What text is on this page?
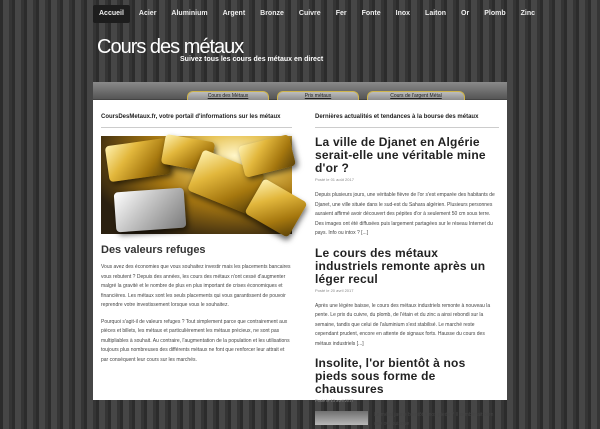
Accueil	Acier	Aluminium	Argent	Bronze	Cuivre	Fer	Fonte	Inox	Laiton	Or	Plomb	Zinc
Cours des métaux
Suivez tous les cours des métaux en direct
Cours des Métaux	Prix métaux	Cours de l'argent Métal
CoursDesMetaux.fr, votre portail d'informations sur les métaux
Des valeurs refuges

Vous avez des économies que vous souhaitez investir mais les placements bancaires vous rebutent ? Depuis des années, les cours des métaux n'ont cessé d'augmenter malgré la gravité et le nombre de plus en plus important de crises économiques et financières. Les métaux sont les seuls placements qui vous garantissent de pouvoir reprendre votre investissement lorsque vous le souhaitez.

Pourquoi s'agit-il de valeurs refuges ? Tout simplement parce que contrairement aux pièces et billets, les métaux et particulièrement les métaux précieux, ne sont pas multipliables à souhait. Au contraire, l'augmentation de la population et les utilisations toujours plus nombreuses des différents métaux ne font que renforcer leur attrait et par conséquent leur cours sur les marchés.

Dernières actualités et tendances à la bourse des métaux
La ville de Djanet en Algérie serait-elle une véritable mine d'or ?
Posté le 01 août 2017
Depuis plusieurs jours, une véritable fièvre de l'or s'est emparée des habitants de Djanet, une ville située dans le sud-est du Sahara algérien. Plusieurs personnes auraient affirmé avoir découvert des pépites d'or à seulement 50 cm sous terre. Des images ont été diffusées puis largement partagées sur le réseau Internet du pays. Info ou intox ? [...]
Le cours des métaux industriels remonte après un léger recul
Posté le 20 avril 2017
Après une légère baisse, le cours des métaux industriels remonte à nouveau la pente. Le prix du cuivre, du plomb, de l'étain et du zinc a ainsi rebondi sur la semaine, tandis que celui de l'aluminium s'est stabilisé. Le marché reste cependant prudent, encore en attente de signaux forts. Hausse du cours des métaux industriels [...]
Insolite, l'or bientôt à nos pieds sous forme de chaussures
Posté le 13 avril 2017
Le métal jaune bientôt à nos pieds ? Il semblerait bien que oui puisque
